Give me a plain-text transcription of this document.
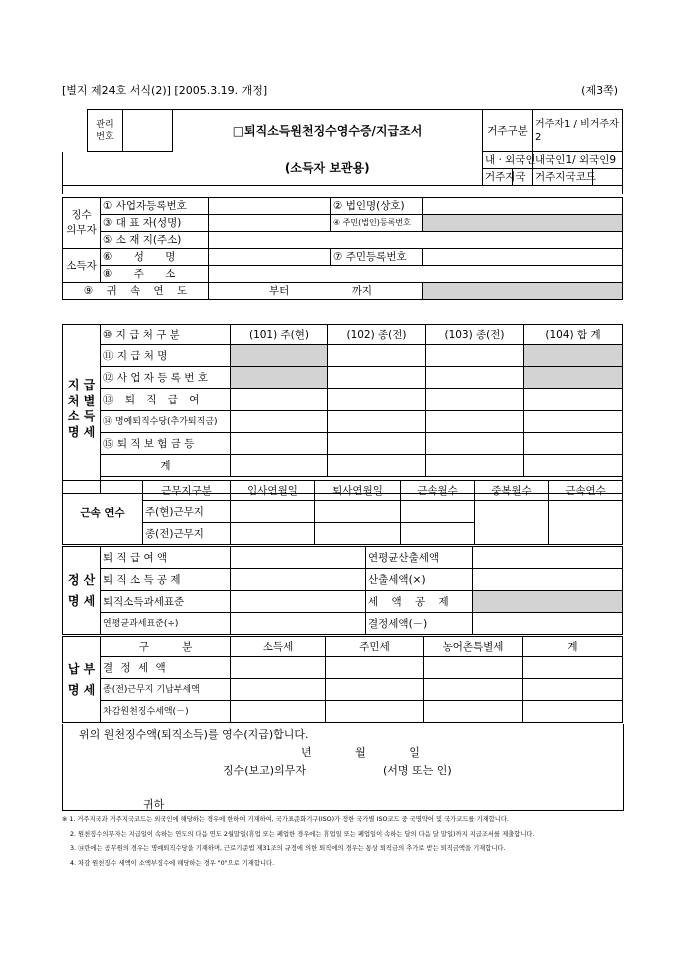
[별지 제24호 서식(2)] [2005.3.19. 개정]	(제3쪽)
	관리
번호		□퇴직소득원천징수영수증/지급조서	거주구분		거주자1 / 비거주자2	
			(소득자 보관용)	내 · 외국인		내국인1/ 외국인9	
				거주지국		거주지국코드	

징수
의무자	① 사업자등록번호		② 법인명(상호)	
	③ 대 표 자(성명)		④ 주민(법인)등록번호	
	⑤ 소 재 지(주소)			
소득자	⑥ 성 명		⑦ 주민등록번호	
	⑧ 주 소			
⑨ 귀 속 연 도		부터 까지		

지 급 처 별 소 득 명 세	⑩ 지 급 처 구 분	(101) 주(현)	(102) 종(전)	(103) 종(전)	(104) 합 계
	⑪ 지 급 처 명				
	⑫ 사 업 자 등 록 번 호				
	⑬ 퇴 직 급 여				
	⑭ 명예퇴직수당(추가퇴직금)				
	⑮ 퇴 직 보 험 금 등				
	계				

근속 연수	근무지구분	입사연월일	퇴사연월일	근속월수	중복월수	근속연수
	주(현)근무지					
	종(전)근무지					
정 산 명 세	퇴 직 급 여 액		연평균산출세액	
	퇴 직 소 득 공 제		산출세액(×)	
	퇴직소득과세표준		세 액 공 제	
	연평균과세표준(÷)		결정세액(－)	
납 부 명 세	구 분	소득세	주민세	농어촌특별세	계
	결 정 세 액				
	종(전)근무지 기납부세액				
	차감원천징수세액(－)				
위의 원천징수액(퇴직소득)를 영수(지급)합니다.
년 월 일
징수(보고)의무자	(서명 또는 인)
귀하
※ 1. 거주지국과 거주지국코드는 외국인에 해당하는 경우에 한하여 기재하여, 국가표준화기구(ISO)가 정한 국가별 ISO코드 중 국명약어 및 국가코드를 기재합니다.
2. 원천징수의무자는 지급일이 속하는 연도의 다음 연도 2월말일(휴업 또는 폐업한 경우에는 휴업일 또는 폐업일이 속하는 달의 다음 달 말일)까지 지급조서를 제출합니다.
3. ⑭란에는 공무원의 경우는 명예퇴직수당을 기재하며, 근로기준법 제31조의 규정에 의한 퇴직에의 경우는 통상 퇴직금의 추가로 받는 퇴직금액을 기재합니다.
4. 차감 원천징수 세액이 소액부징수에 해당하는 경우 "0"으로 기재합니다.
